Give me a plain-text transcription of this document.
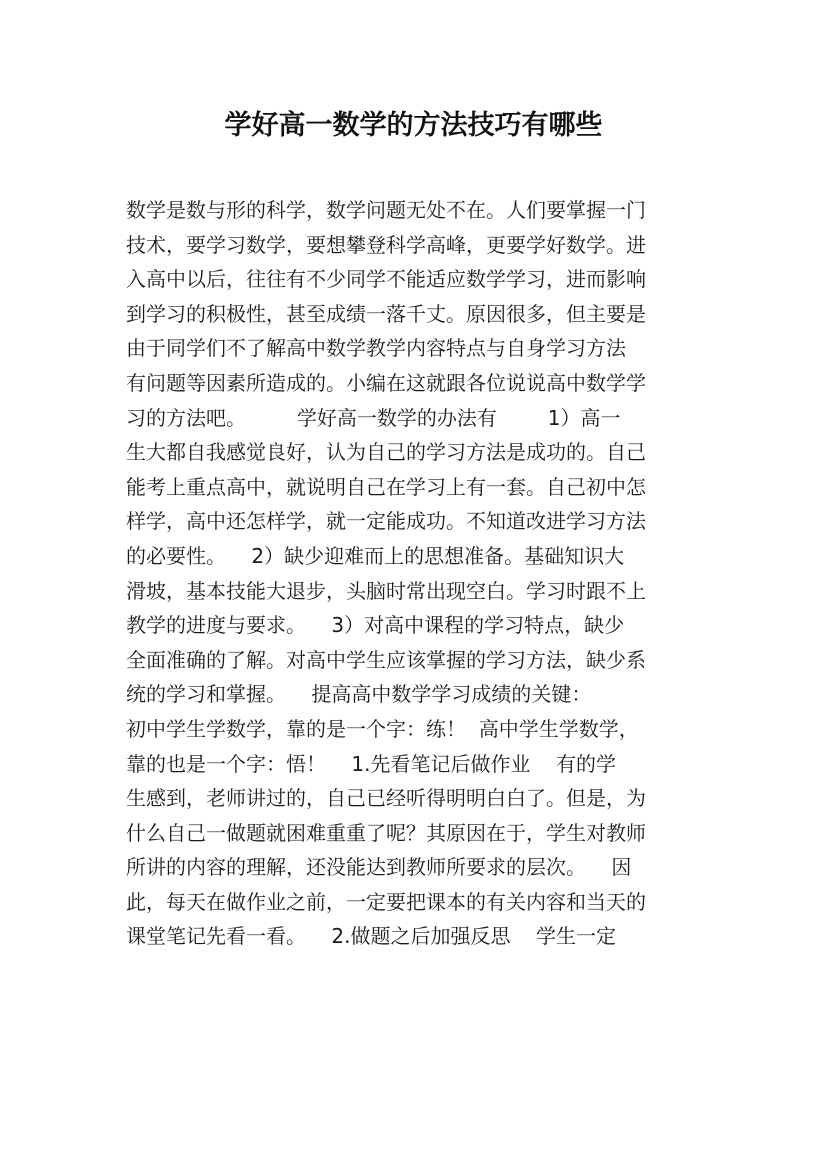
学好高一数学的方法技巧有哪些
数学是数与形的科学，数学问题无处不在。人们要掌握一门
技术，要学习数学，要想攀登科学高峰，更要学好数学。进
入高中以后，往往有不少同学不能适应数学学习，进而影响
到学习的积极性，甚至成绩一落千丈。原因很多，但主要是
由于同学们不了解高中数学教学内容特点与自身学习方法
有问题等因素所造成的。小编在这就跟各位说说高中数学学
习的方法吧。        学好高一数学的办法有        1）高一
生大都自我感觉良好，认为自己的学习方法是成功的。自己
能考上重点高中，就说明自己在学习上有一套。自己初中怎
样学，高中还怎样学，就一定能成功。不知道改进学习方法
的必要性。    2）缺少迎难而上的思想准备。基础知识大
滑坡，基本技能大退步，头脑时常出现空白。学习时跟不上
教学的进度与要求。    3）对高中课程的学习特点，缺少
全面准确的了解。对高中学生应该掌握的学习方法，缺少系
统的学习和掌握。    提高高中数学学习成绩的关键：
初中学生学数学，靠的是一个字：练！  高中学生学数学，
靠的也是一个字：悟！    1.先看笔记后做作业    有的学
生感到，老师讲过的，自己已经听得明明白白了。但是，为
什么自己一做题就困难重重了呢？其原因在于，学生对教师
所讲的内容的理解，还没能达到教师所要求的层次。    因
此，每天在做作业之前，一定要把课本的有关内容和当天的
课堂笔记先看一看。    2.做题之后加强反思    学生一定
